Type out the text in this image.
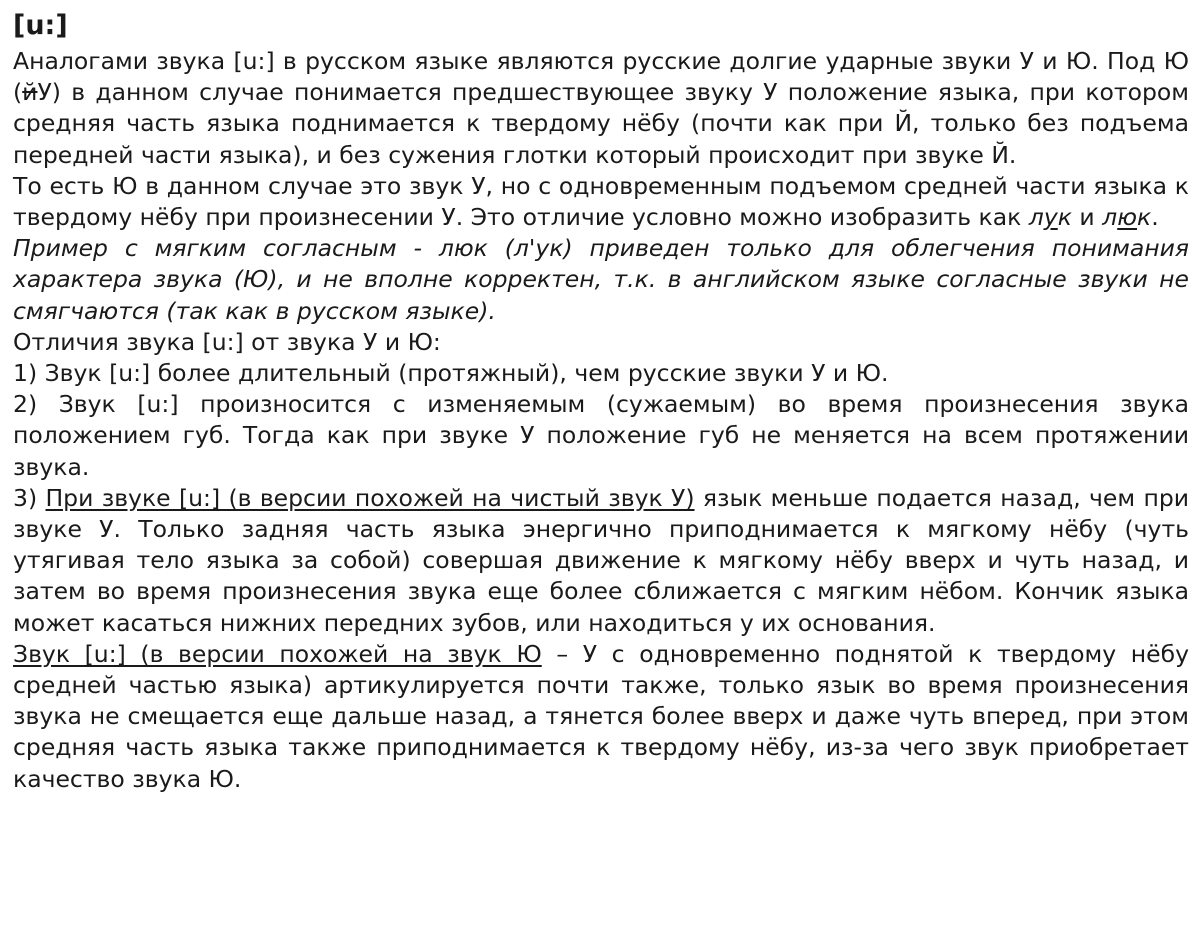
[u:]

Аналогами звука [u:] в русском языке являются русские долгие ударные звуки У и Ю. Под Ю (йУ) в данном случае понимается предшествующее звуку У положение языка, при котором средняя часть языка поднимается к твердому нёбу (почти как при Й, только без подъема передней части языка), и без сужения глотки который происходит при звуке Й.

То есть Ю в данном случае это звук У, но с одновременным подъемом средней части языка к твердому нёбу при произнесении У. Это отличие условно можно изобразить как лук и люк.

Пример с мягким согласным - люк (л'ук) приведен только для облегчения понимания характера звука (Ю), и не вполне корректен, т.к. в английском языке согласные звуки не смягчаются (так как в русском языке).

Отличия звука [u:] от звука У и Ю:

1) Звук [u:] более длительный (протяжный), чем русские звуки У и Ю.

2) Звук [u:] произносится с изменяемым (сужаемым) во время произнесения звука положением губ. Тогда как при звуке У положение губ не меняется на всем протяжении звука.

3) При звуке [u:] (в версии похожей на чистый звук У) язык меньше подается назад, чем при звуке У. Только задняя часть языка энергично приподнимается к мягкому нёбу (чуть утягивая тело языка за собой) совершая движение к мягкому нёбу вверх и чуть назад, и затем во время произнесения звука еще более сближается с мягким нёбом. Кончик языка может касаться нижних передних зубов, или находиться у их основания.

Звук [u:] (в версии похожей на звук Ю – У с одновременно поднятой к твердому нёбу средней частью языка) артикулируется почти также, только язык во время произнесения звука не смещается еще дальше назад, а тянется более вверх и даже чуть вперед, при этом средняя часть языка также приподнимается к твердому нёбу, из-за чего звук приобретает качество звука Ю.
